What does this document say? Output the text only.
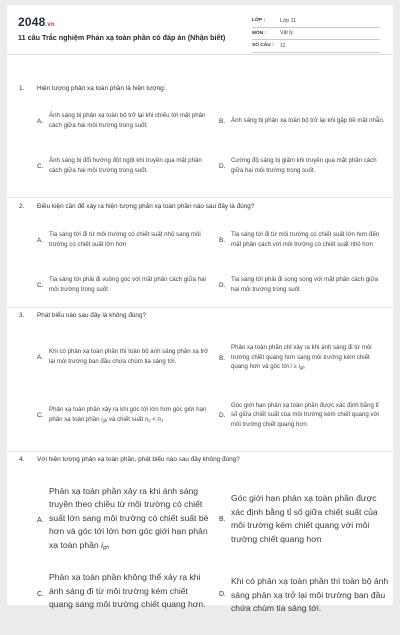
2048.vn
11 câu Trắc nghiệm Phản xạ toàn phần có đáp án (Nhận biết)
LỚP :	Lớp 11
MÔN :	Vật lý
SỐ CÂU :	11
1.	Hiện tượng phản xạ toàn phần là hiện tượng:
A.
Ánh sáng bị phản xạ toàn bộ trở lại khi chiếu tới mặt phân cách giữa hai môi trường trong suốt.
B. Ánh sáng bị phản xạ toàn bộ trở lại khi gặp bề mặt nhẵn.
C.
Ánh sáng bị đổi hướng đột ngột khi truyền qua mặt phân cách giữa hai môi trường trong suốt.
D.
Cường độ sáng bị giảm khi truyền qua mặt phân cách giữa hai môi trường trong suốt.
2.	Điều kiện cần để xảy ra hiện tượng phản xạ toàn phần nào sau đây là đúng?
A.
Tia sáng tới đi từ môi trường có chiết suất nhỏ sang môi trường có chiết suất lớn hơn
B.
Tia sáng tới đi từ môi trường có chiết suất lớn hơn đến mặt phân cách với môi trường có chiết suất nhỏ hơn
C.
Tia sáng tới phải đi vuông góc với mặt phân cách giữa hai môi trường trong suốt
D.
Tia sáng tới phải đi song song với mặt phân cách giữa hai môi trường trong suốt
3.	Phát biểu nào sau đây là không đúng?
A.
Khi có phản xạ toàn phần thì toàn bộ ánh sáng phản xạ trở lại môi trường ban đầu chứa chùm tia sáng tới.	B.
Phản xạ toàn phần chỉ xảy ra khi ánh sáng đi từ môi trường chiết quang hơn sang môi trường kém chiết quang hơn và góc tới $i \ge i_{gh}$
C.
Phản xạ toàn phần xảy ra khi góc tới lớn hơn góc giới hạn phản xạ toàn phần $i_{gh}$ và chiết suất $n_2 < n_1$
D.
Góc giới hạn phản xạ toàn phần được xác định bằng tỉ số giữa chiết suất của môi trường kém chiết quang với môi trường chiết quang hơn
4.	Với hiện tượng phản xạ toàn phần, phát biểu nào sau đây không đúng?
A.
Phản xạ toàn phần xảy ra khi ánh sáng truyền theo chiều từ môi trường có chiết suất lớn sang môi trường có chiết suất bé hơn và góc tới lớn hơn góc giới hạn phản xạ toàn phần igh
B.
Góc giới hạn phản xạ toàn phần được xác định bằng tỉ số giữa chiết suất của môi trường kém chiết quang với môi trường chiết quang hơn
C.
Phản xạ toàn phần không thể xảy ra khi ánh sáng đi từ môi trường kém chiết quang sang môi trường chiết quang hơn.
D.
Khi có phản xạ toàn phần thì toàn bộ ánh sáng phản xạ trở lại môi trường ban đầu chứa chùm tia sáng tới.
